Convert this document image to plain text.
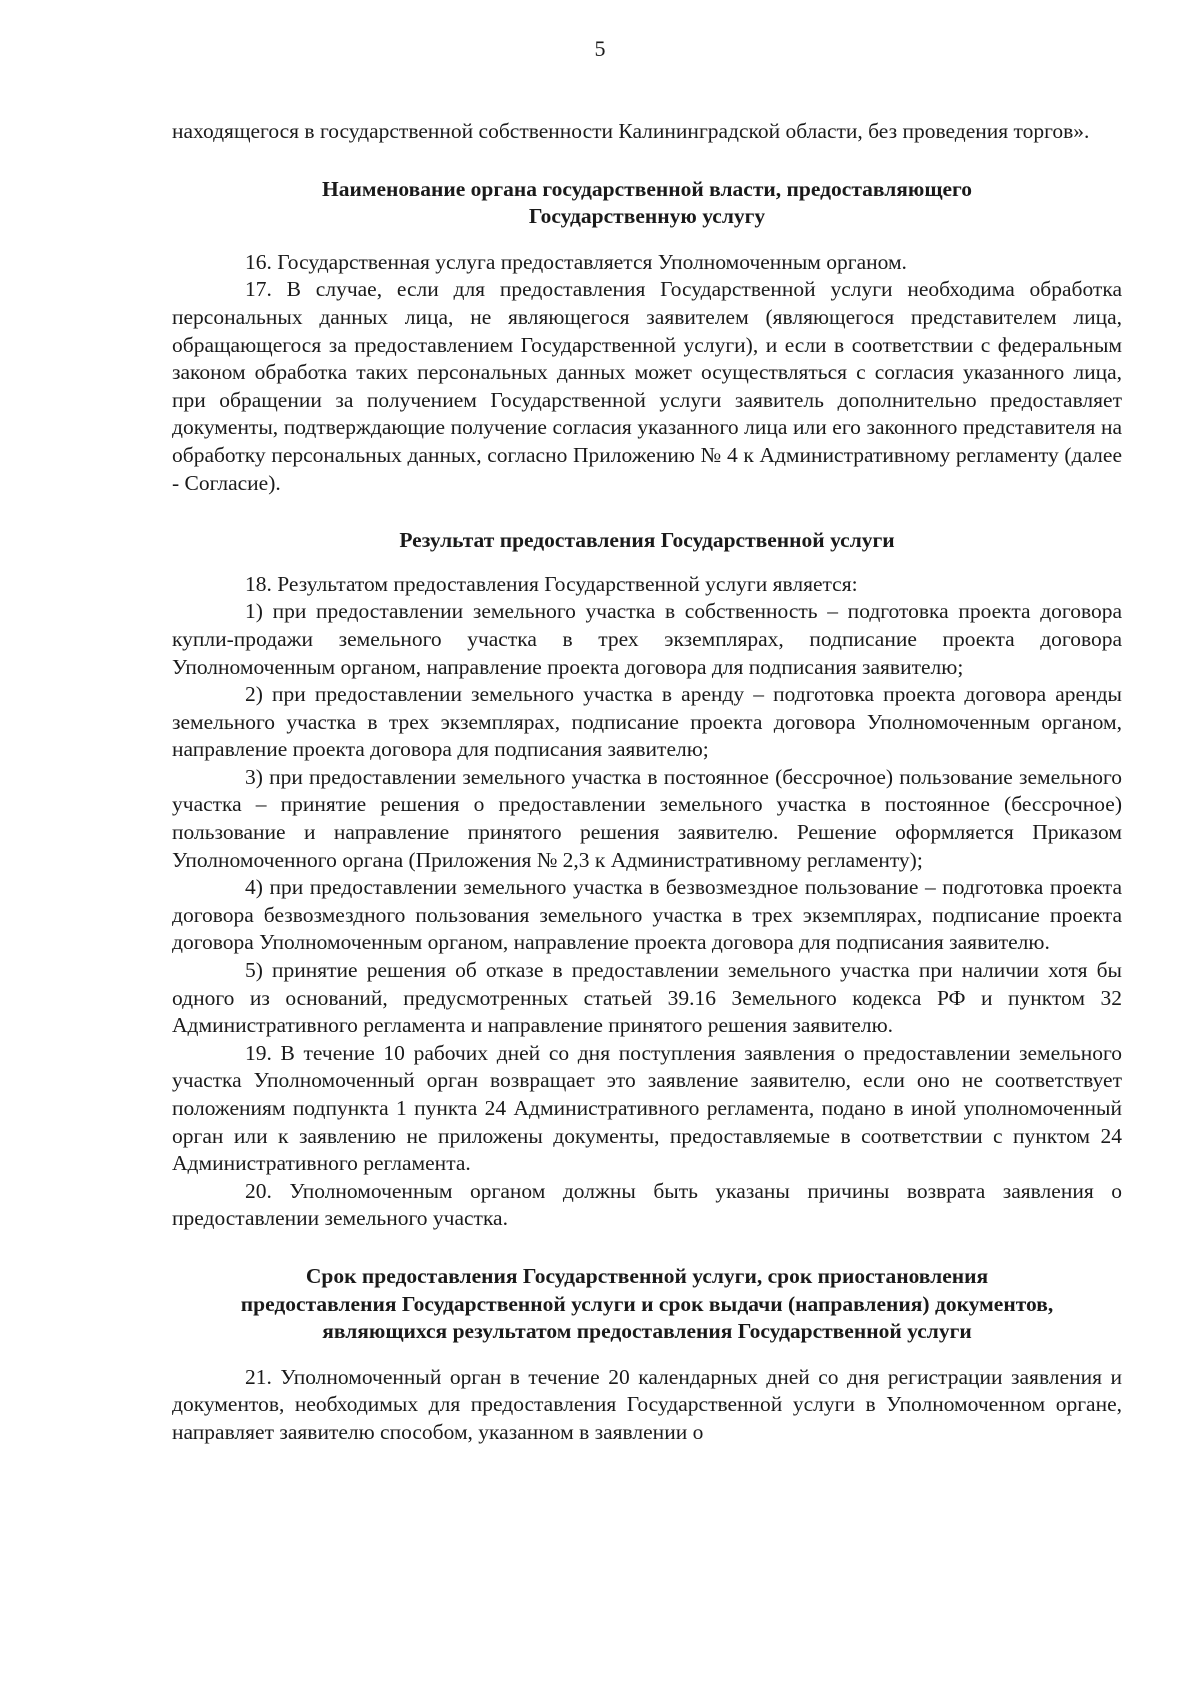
5

находящегося в государственной собственности Калининградской области, без проведения торгов».

Наименование органа государственной власти, предоставляющего
Государственную услугу

16. Государственная услуга предоставляется Уполномоченным органом.

17. В случае, если для предоставления Государственной услуги необходима обработка персональных данных лица, не являющегося заявителем (являющегося представителем лица, обращающегося за предоставлением Государственной услуги), и если в соответствии с федеральным законом обработка таких персональных данных может осуществляться с согласия указанного лица, при обращении за получением Государственной услуги заявитель дополнительно предоставляет документы, подтверждающие получение согласия указанного лица или его законного представителя на обработку персональных данных, согласно Приложению № 4 к Административному регламенту (далее - Согласие).

Результат предоставления Государственной услуги

18. Результатом предоставления Государственной услуги является:

1) при предоставлении земельного участка в собственность – подготовка проекта договора купли-продажи земельного участка в трех экземплярах, подписание проекта договора Уполномоченным органом, направление проекта договора для подписания заявителю;

2) при предоставлении земельного участка в аренду – подготовка проекта договора аренды земельного участка в трех экземплярах, подписание проекта договора Уполномоченным органом, направление проекта договора для подписания заявителю;

3) при предоставлении земельного участка в постоянное (бессрочное) пользование земельного участка – принятие решения о предоставлении земельного участка в постоянное (бессрочное) пользование и направление принятого решения заявителю. Решение оформляется Приказом Уполномоченного органа (Приложения № 2,3 к Административному регламенту);

4) при предоставлении земельного участка в безвозмездное пользование – подготовка проекта договора безвозмездного пользования земельного участка в трех экземплярах, подписание проекта договора Уполномоченным органом, направление проекта договора для подписания заявителю.

5) принятие решения об отказе в предоставлении земельного участка при наличии хотя бы одного из оснований, предусмотренных статьей 39.16 Земельного кодекса РФ и пунктом 32 Административного регламента и направление принятого решения заявителю.

19. В течение 10 рабочих дней со дня поступления заявления о предоставлении земельного участка Уполномоченный орган возвращает это заявление заявителю, если оно не соответствует положениям подпункта 1 пункта 24 Административного регламента, подано в иной уполномоченный орган или к заявлению не приложены документы, предоставляемые в соответствии с пунктом 24 Административного регламента.

20. Уполномоченным органом должны быть указаны причины возврата заявления о предоставлении земельного участка.

Срок предоставления Государственной услуги, срок приостановления
предоставления Государственной услуги и срок выдачи (направления) документов,
являющихся результатом предоставления Государственной услуги

21. Уполномоченный орган в течение 20 календарных дней со дня регистрации заявления и документов, необходимых для предоставления Государственной услуги в Уполномоченном органе, направляет заявителю способом, указанном в заявлении о
